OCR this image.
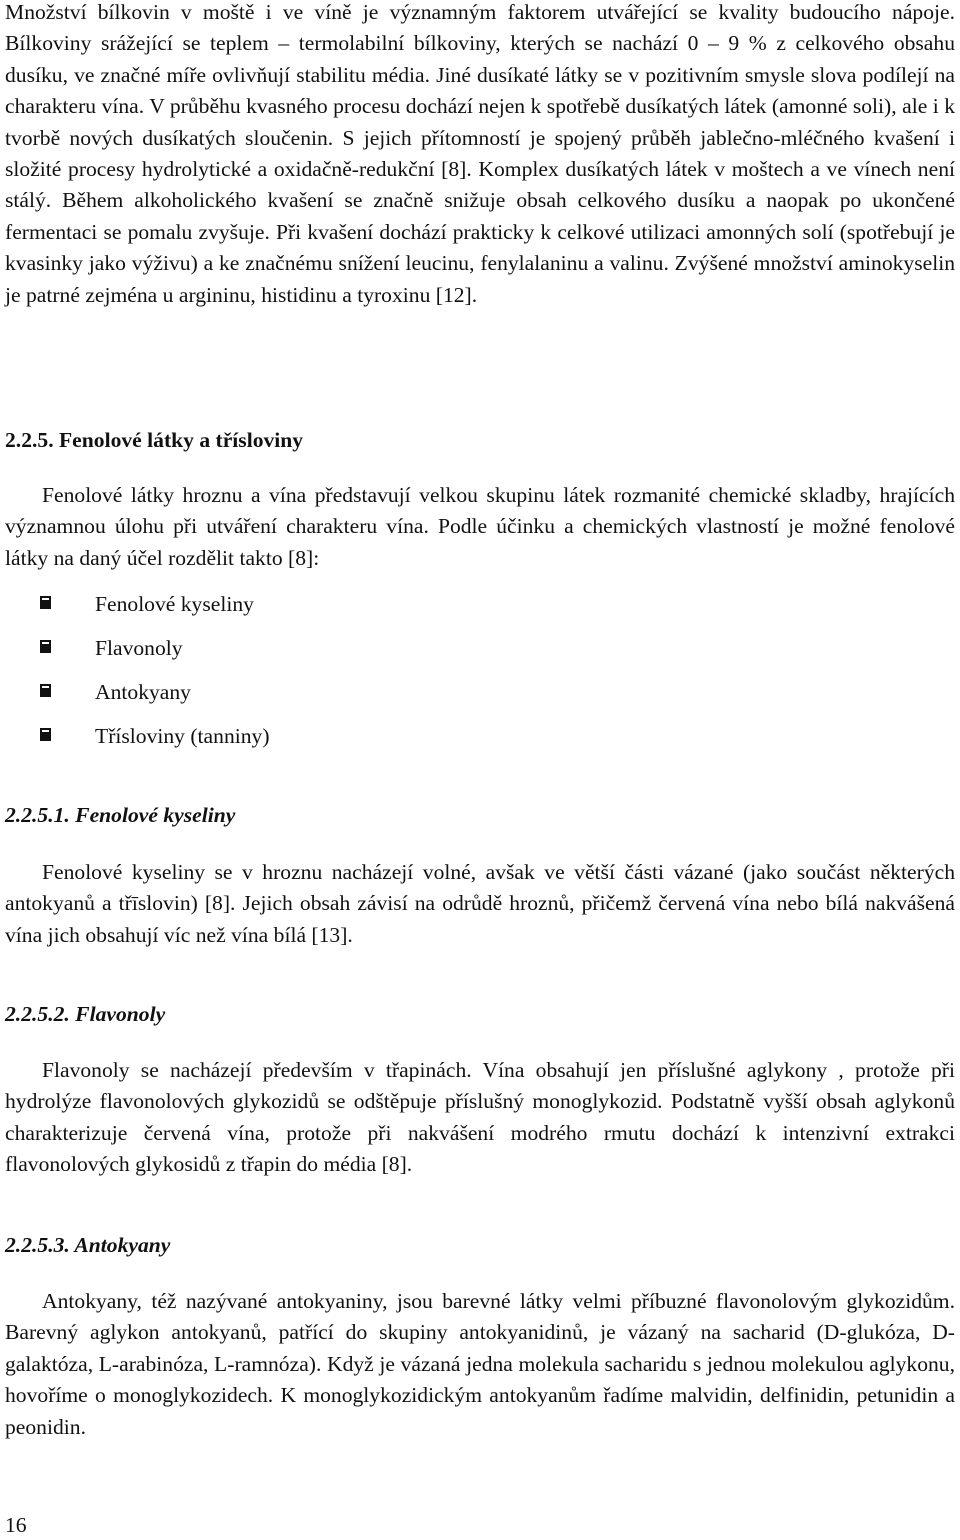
Množství bílkovin v moště i ve víně je významným faktorem utvářející se kvality budoucího nápoje. Bílkoviny srážející se teplem – termolabilní bílkoviny, kterých se nachází 0 – 9 % z celkového obsahu dusíku, ve značné míře ovlivňují stabilitu média. Jiné dusíkaté látky se v pozitivním smysle slova podílejí na charakteru vína. V průběhu kvasného procesu dochází nejen k spotřebě dusíkatých látek (amonné soli), ale i k tvorbě nových dusíkatých sloučenin. S jejich přítomností je spojený průběh jablečno-mléčného kvašení i složité procesy hydrolytické a oxidačně-redukční [8]. Komplex dusíkatých látek v moštech a ve vínech není stálý. Během alkoholického kvašení se značně snižuje obsah celkového dusíku a naopak po ukončené fermentaci se pomalu zvyšuje. Při kvašení dochází prakticky k celkové utilizaci amonných solí (spotřebují je kvasinky jako výživu) a ke značnému snížení leucinu, fenylalaninu a valinu. Zvýšené množství aminokyselin je patrné zejména u argininu, histidinu a tyroxinu [12].

2.2.5. Fenolové látky a třísloviny

Fenolové látky hroznu a vína představují velkou skupinu látek rozmanité chemické skladby, hrajících významnou úlohu při utváření charakteru vína. Podle účinku a chemických vlastností je možné fenolové látky na daný účel rozdělit takto [8]:

Fenolové kyseliny
Flavonoly
Antokyany
Třísloviny (tanniny)
2.2.5.1. Fenolové kyseliny

Fenolové kyseliny se v hroznu nacházejí volné, avšak ve větší části vázané (jako součást některých antokyanů a třīslovin) [8]. Jejich obsah závisí na odrůdě hroznů, přičemž červená vína nebo bílá nakvášená vína jich obsahují víc než vína bílá [13].

2.2.5.2. Flavonoly

Flavonoly se nacházejí především v třapinách. Vína obsahují jen příslušné aglykony , protože při hydrolýze flavonolových glykozidů se odštěpuje příslušný monoglykozid. Podstatně vyšší obsah aglykonů charakterizuje červená vína, protože při nakvášení modrého rmutu dochází k intenzivní extrakci flavonolových glykosidů z třapin do média [8].

2.2.5.3. Antokyany

Antokyany, též nazývané antokyaniny, jsou barevné látky velmi příbuzné flavonolovým glykozidům. Barevný aglykon antokyanů, patřící do skupiny antokyanidinů, je vázaný na sacharid (D-glukóza, D-galaktóza, L-arabinóza, L-ramnóza). Když je vázaná jedna molekula sacharidu s jednou molekulou aglykonu, hovoříme o monoglykozidech. K monoglykozidickým antokyanům řadíme malvidin, delfinidin, petunidin a peonidin.

16
